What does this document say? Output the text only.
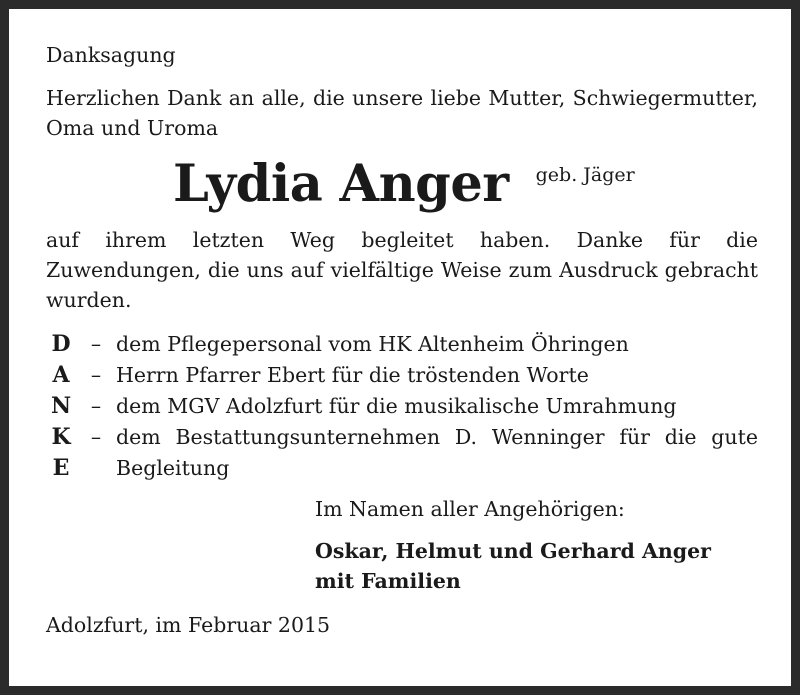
Danksagung

Herzlichen Dank an alle, die unsere liebe Mutter, Schwiegermutter, Oma und Uroma

Lydia Anger geb. Jäger

auf ihrem letzten Weg begleitet haben. Danke für die Zuwendungen, die uns auf vielfältige Weise zum Ausdruck gebracht wurden.

D – dem Pflegepersonal vom HK Altenheim Öhringen
A	– Herrn Pfarrer Ebert für die tröstenden Worte
N – dem MGV Adolzfurt für die musikalische Umrahmung
K – dem Bestattungsunternehmen D. Wenninger für die gute
E	Begleitung

Im Namen aller Angehörigen:

Oskar, Helmut und Gerhard Anger

mit Familien

Adolzfurt, im Februar 2015
